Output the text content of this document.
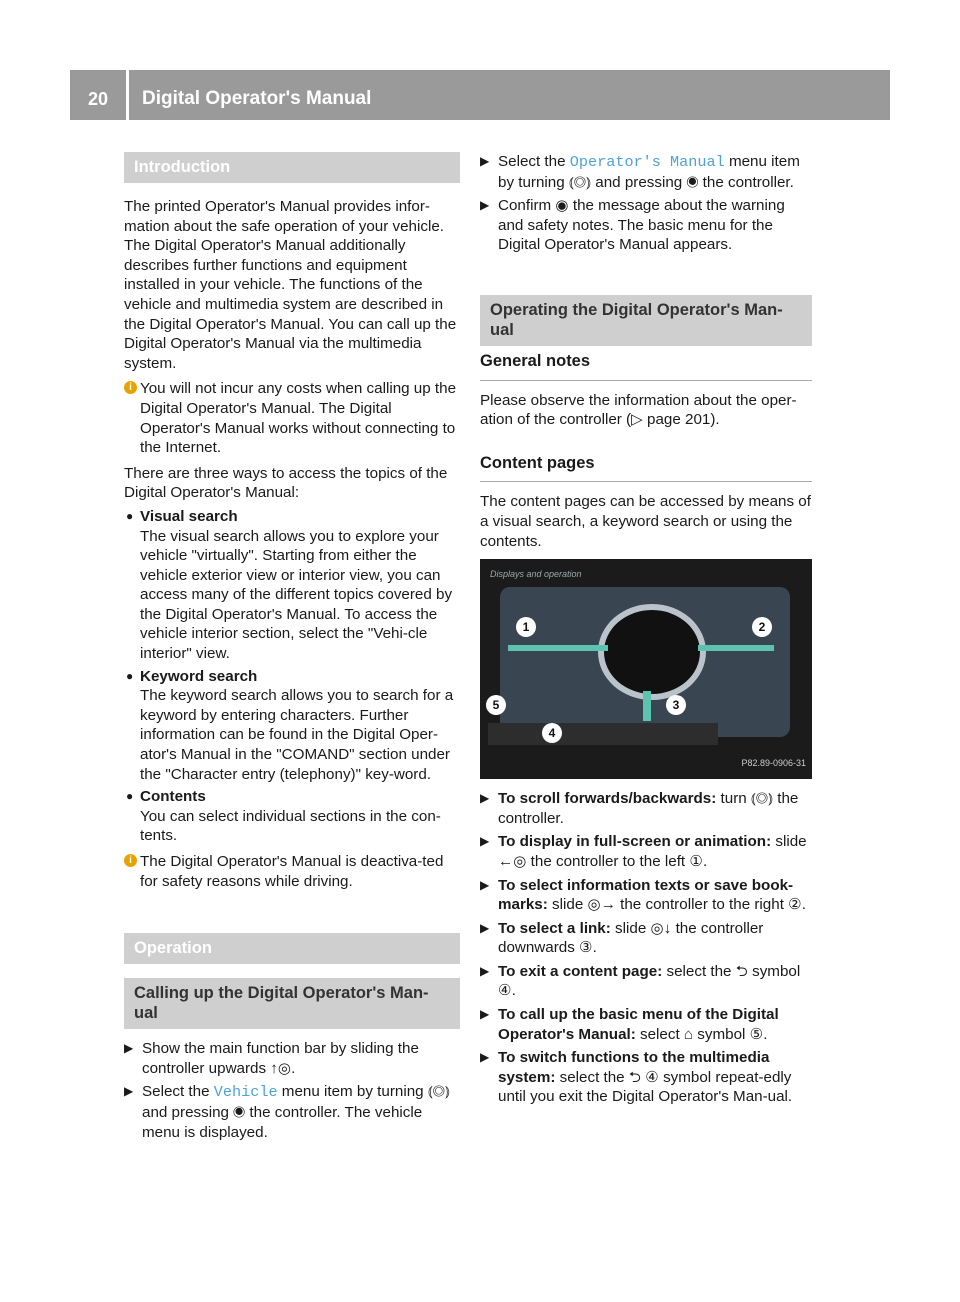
20	Digital Operator's Manual
Introduction

The printed Operator's Manual provides infor-mation about the safe operation of your vehicle. The Digital Operator's Manual additionally describes further functions and equipment installed in your vehicle. The functions of the vehicle and multimedia system are described in the Digital Operator's Manual. You can call up the Digital Operator's Manual via the multimedia system.

i You will not incur any costs when calling up the Digital Operator's Manual. The Digital Operator's Manual works without connecting to the Internet.

There are three ways to access the topics of the Digital Operator's Manual:

● Visual search
The visual search allows you to explore your vehicle "virtually". Starting from either the vehicle exterior view or interior view, you can access many of the different topics covered by the Digital Operator's Manual. To access the vehicle interior section, select the "Vehi-cle interior" view.
● Keyword search
The keyword search allows you to search for a keyword by entering characters. Further information can be found in the Digital Oper-ator's Manual in the "COMAND" section under the "Character entry (telephony)" key-word.
● Contents
You can select individual sections in the con-tents.
i The Digital Operator's Manual is deactiva-ted for safety reasons while driving.
Operation
Calling up the Digital Operator's Man-ual
▶ Show the main function bar by sliding the controller upwards ↑◎.
▶ Select the Vehicle menu item by turning ⦅◎⦆ and pressing ◉ the controller. The vehicle menu is displayed.
▶ Select the Operator's Manual menu item by turning ⦅◎⦆ and pressing ◉ the controller.
▶ Confirm ◉ the message about the warning and safety notes. The basic menu for the Digital Operator's Manual appears.
Operating the Digital Operator's Man-ual
General notes

Please observe the information about the oper-ation of the controller (▷ page 201).

Content pages

The content pages can be accessed by means of a visual search, a keyword search or using the contents.

Displays and operation
1	2
3
4
5
P82.89-0906-31
▶ To scroll forwards/backwards: turn ⦅◎⦆ the controller.
▶ To display in full-screen or animation: slide ←◎ the controller to the left ①.
▶ To select information texts or save book-marks: slide ◎→ the controller to the right ②.
▶ To select a link: slide ◎↓ the controller downwards ③.
▶ To exit a content page: select the ⮌ symbol ④.
▶ To call up the basic menu of the Digital Operator's Manual: select ⌂ symbol ⑤.
▶ To switch functions to the multimedia system: select the ⮌ ④ symbol repeat-edly until you exit the Digital Operator's Man-ual.
